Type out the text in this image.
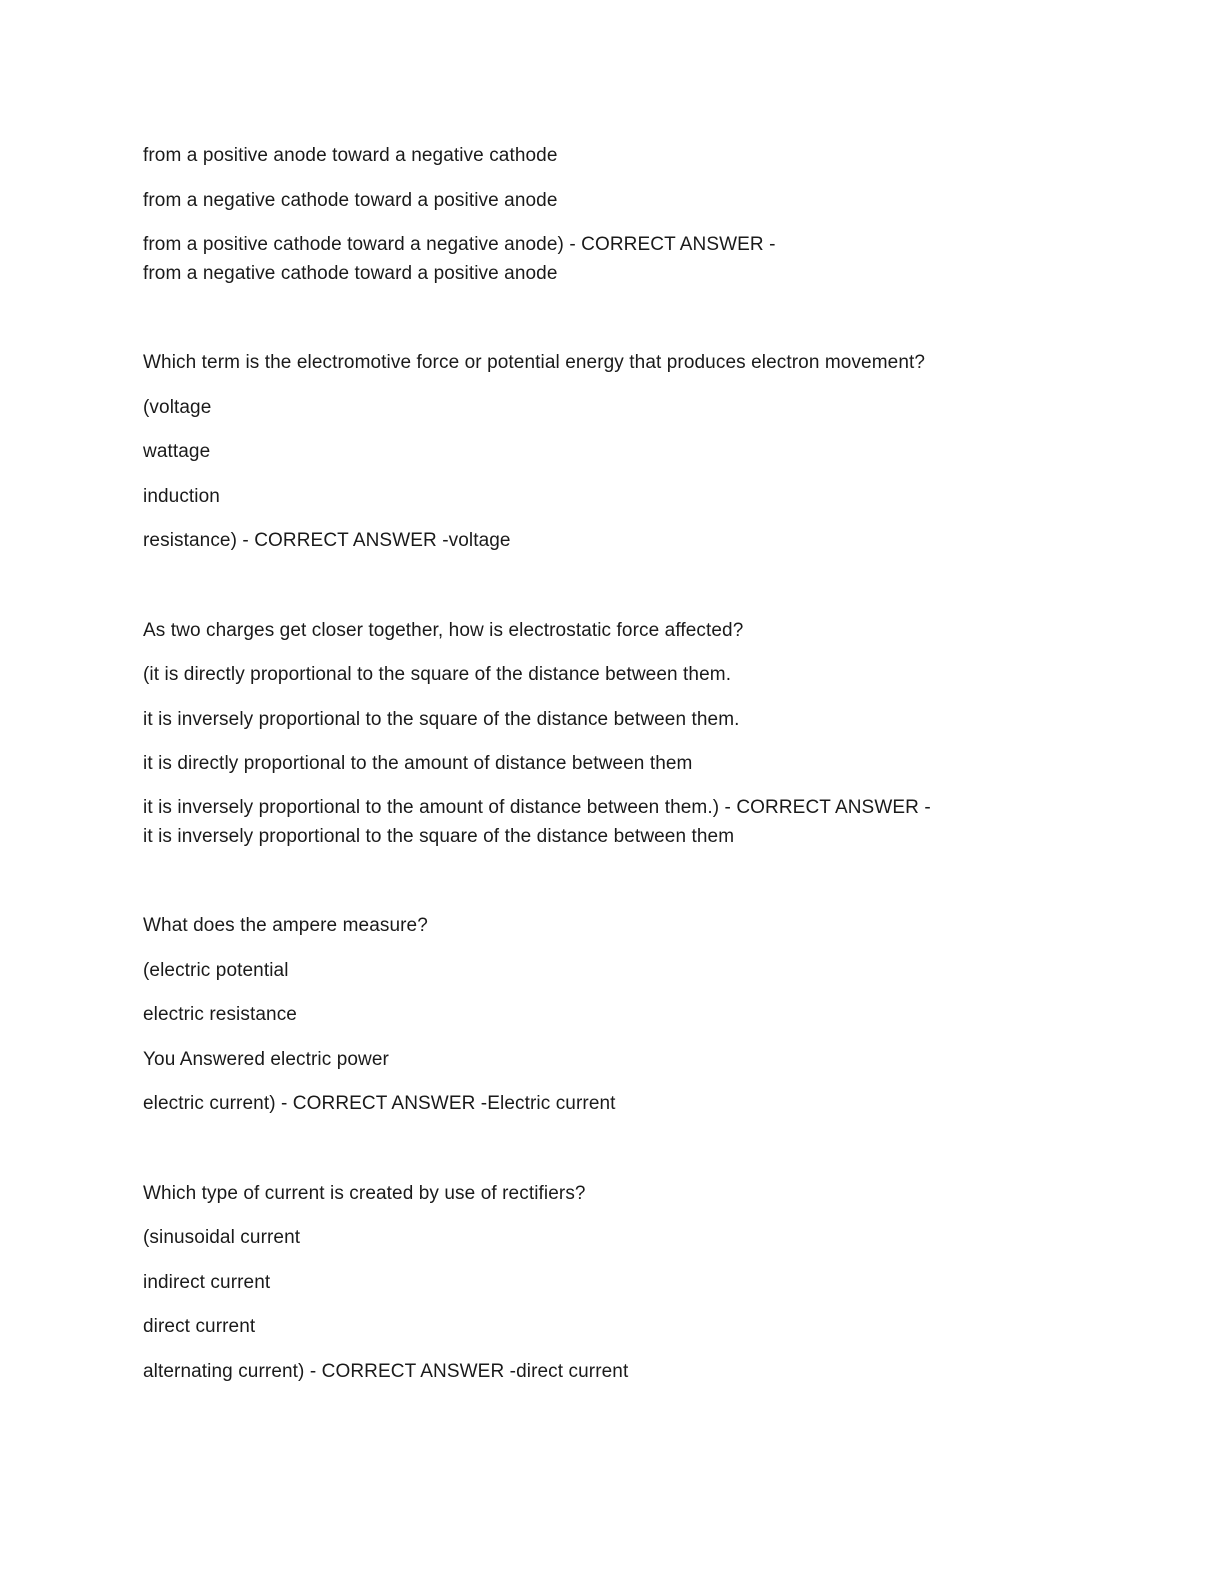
from a positive anode toward a negative cathode

from a negative cathode toward a positive anode

from a positive cathode toward a negative anode) - CORRECT ANSWER -

from a negative cathode toward a positive anode

Which term is the electromotive force or potential energy that produces electron movement?

(voltage

wattage

induction

resistance) - CORRECT ANSWER -voltage

As two charges get closer together, how is electrostatic force affected?

(it is directly proportional to the square of the distance between them.

it is inversely proportional to the square of the distance between them.

it is directly proportional to the amount of distance between them

it is inversely proportional to the amount of distance between them.) - CORRECT ANSWER -

it is inversely proportional to the square of the distance between them

What does the ampere measure?

(electric potential

electric resistance

You Answered electric power

electric current) - CORRECT ANSWER -Electric current

Which type of current is created by use of rectifiers?

(sinusoidal current

indirect current

direct current

alternating current) - CORRECT ANSWER -direct current
